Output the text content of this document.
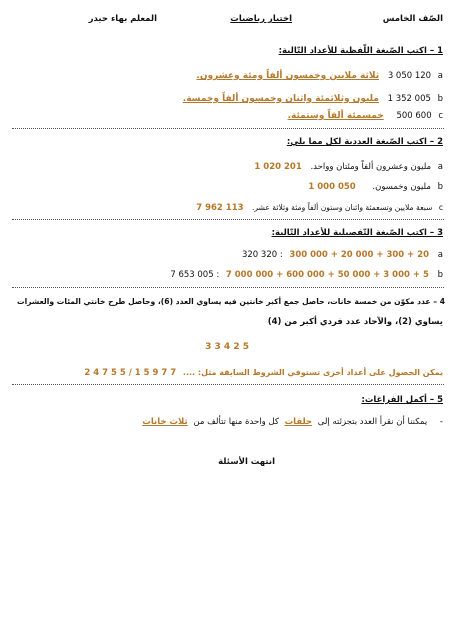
الصّف الخامس
اختبار رياضيات
المعلم بهاء حيدر
1 – اكتب الصّيغة اللّفظية للأعداد التّالية:
a 3 050 120 ثلاثة ملايين وخمسون ألفاً ومئة وعشرون.
b 1 352 005 مليون وثلاثمئة واثنان وخمسون ألفاً وخمسة.
c 500 600 خمسمئة ألفاً وستمئة.
2 – اكتب الصّيغة العددية لكل مما يلي:
a مليون وعشرون ألفاً ومئتان وواحد. 1 020 201
b مليون وخمسون. 1 000 050
c سبعة ملايين وتسعمئة واثنان وستون ألفاً ومئة وثلاثة عشر. 7 962 113
3 – اكتب الصّيغة التّفصيلية للأعداد التّالية:
a 320 320 : 300 000 + 20 000 + 300 + 20
b 7 653 005 : 7 000 000 + 600 000 + 50 000 + 3 000 + 5
4 – عدد مكوّن من خمسة خانات، حاصل جمع أكبر خانتين فيه يساوي العدد (6)، وحاصل طرح خانتي المئات والعشرات
يساوي (2)، والآحاد عدد فردي أكبر من (4)
3 3 4 2 5
يمكن الحصول على أعداد أخرى تستوفي الشروط السابقة مثل: .... 2 4 7 5 5 / 1 5 9 7 7
5 – أكمل الفراغات:
- يمكننا أن نقرأ العدد بتجزئته إلى حلقات كل واحدة منها تتألف من ثلاث خانات
انتهت الأسئلة
